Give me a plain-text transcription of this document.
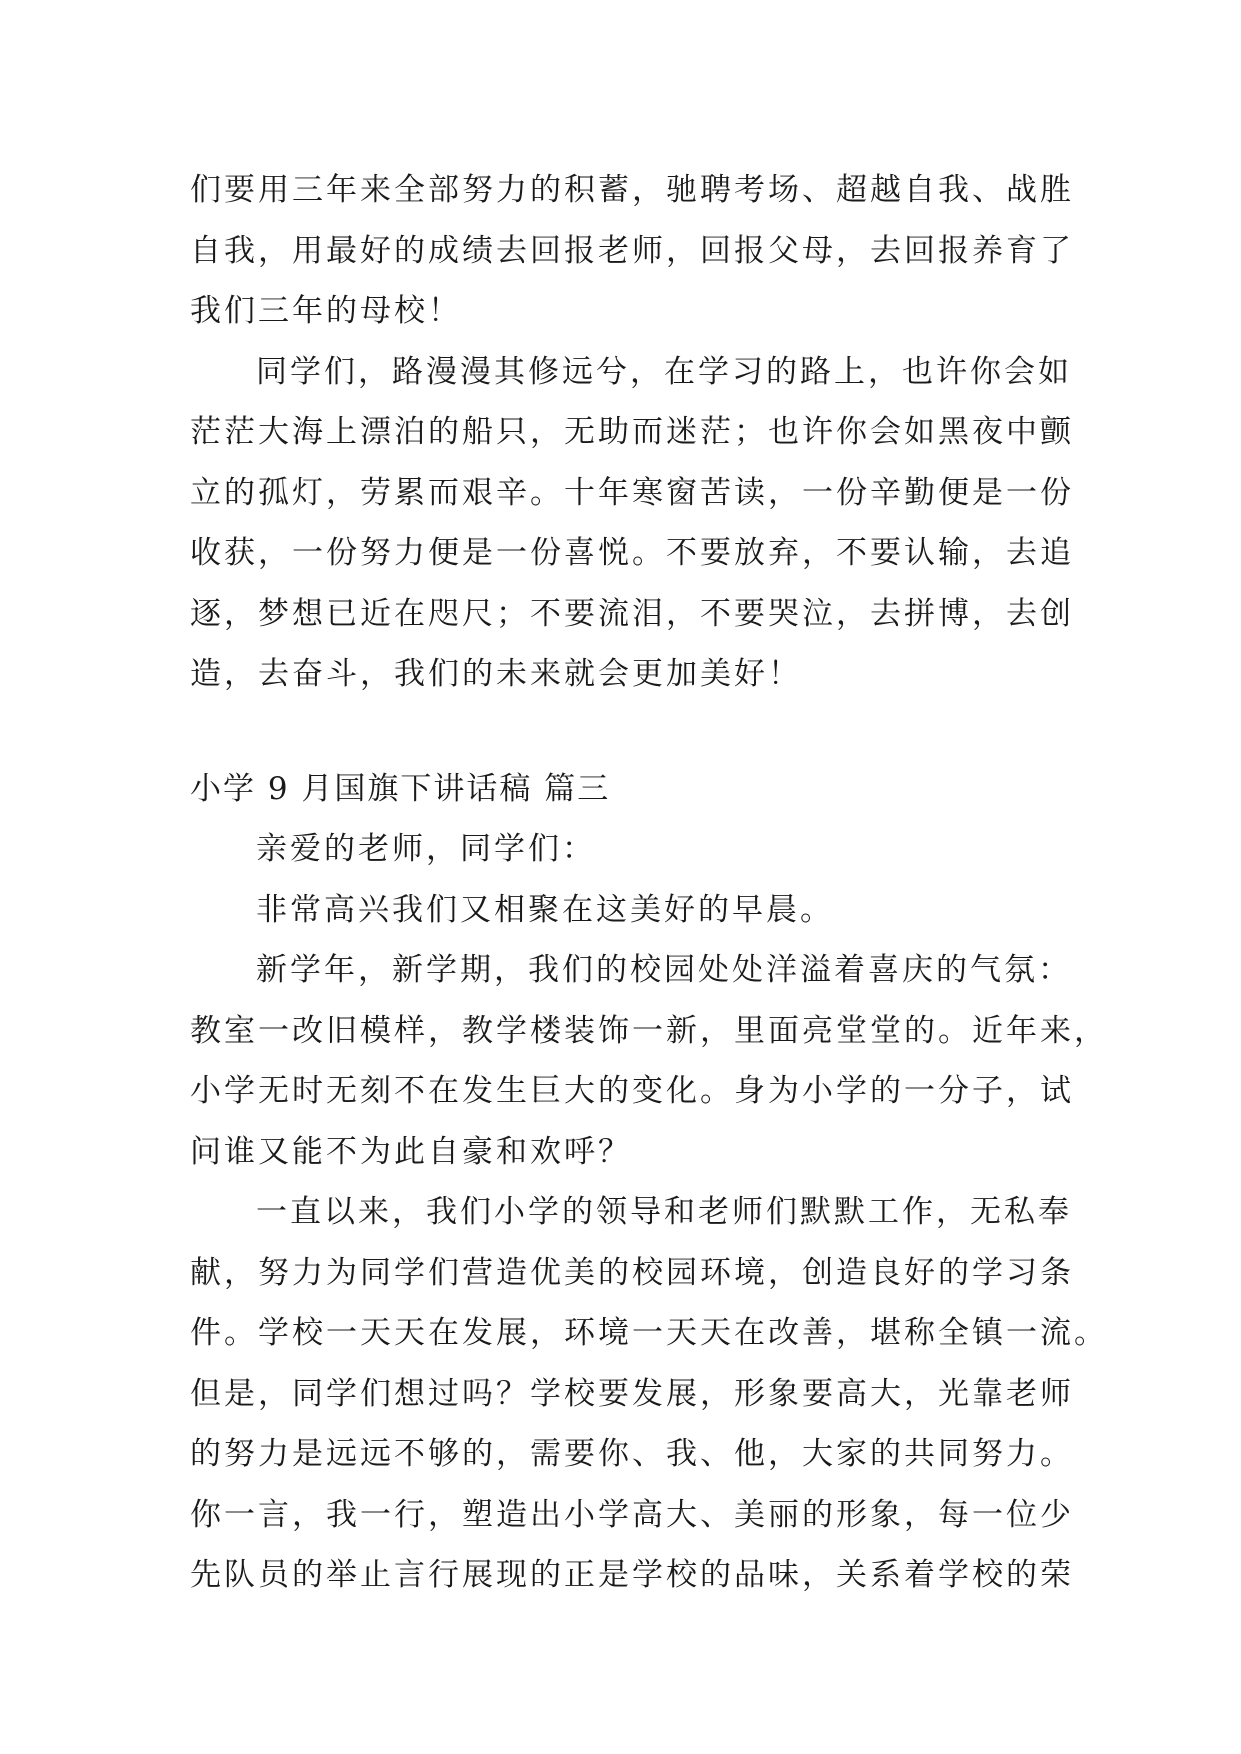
们要用三年来全部努力的积蓄，驰聘考场、超越自我、战胜
自我，用最好的成绩去回报老师，回报父母，去回报养育了
我们三年的母校！
同学们，路漫漫其修远兮，在学习的路上，也许你会如
茫茫大海上漂泊的船只，无助而迷茫；也许你会如黑夜中颤
立的孤灯，劳累而艰辛。十年寒窗苦读，一份辛勤便是一份
收获，一份努力便是一份喜悦。不要放弃，不要认输，去追
逐，梦想已近在咫尺；不要流泪，不要哭泣，去拼博，去创
造，去奋斗，我们的未来就会更加美好！
小学 9 月国旗下讲话稿 篇三
亲爱的老师，同学们：
非常高兴我们又相聚在这美好的早晨。
新学年，新学期，我们的校园处处洋溢着喜庆的气氛：
教室一改旧模样，教学楼装饰一新，里面亮堂堂的。近年来，
小学无时无刻不在发生巨大的变化。身为小学的一分子，试
问谁又能不为此自豪和欢呼？
一直以来，我们小学的领导和老师们默默工作，无私奉
献，努力为同学们营造优美的校园环境，创造良好的学习条
件。学校一天天在发展，环境一天天在改善，堪称全镇一流。
但是，同学们想过吗？学校要发展，形象要高大，光靠老师
的努力是远远不够的，需要你、我、他，大家的共同努力。
你一言，我一行，塑造出小学高大、美丽的形象，每一位少
先队员的举止言行展现的正是学校的品味，关系着学校的荣
